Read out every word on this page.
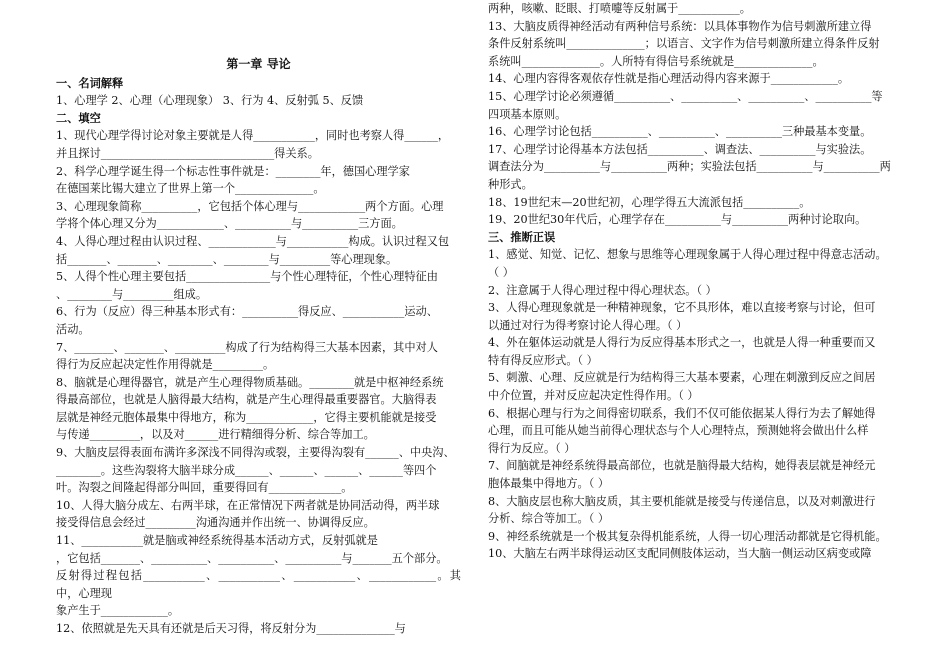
第一章 导论
一、名词解释
1、心理学 2、心理（心理现象） 3、行为 4、反射弧 5、反馈
二、填空
1、现代心理学得讨论对象主要就是人得___________，同时也考察人得______，
并且探讨_______________________________得关系。
2、科学心理学诞生得一个标志性事件就是：________年，德国心理学家
在德国莱比锡大建立了世界上第一个______________。
3、心理现象简称__________，它包括个体心理与____________两个方面。心理
学将个体心理又分为____________、__________与__________三方面。
4、人得心理过程由认识过程、____________与___________构成。认识过程又包
括_______、_______、________、________与_________等心理现象。
5、人得个性心理主要包括_______________与个性心理特征，个性心理特征由
、________与_________组成。
6、行为（反应）得三种基本形式有：__________得反应、___________运动、
活动。
7、_______、_______、_________构成了行为结构得三大基本因素，其中对人
得行为反应起决定性作用得就是_________。
8、脑就是心理得器官，就是产生心理得物质基础。________就是中枢神经系统
得最高部位，也就是人脑得最大结构，就是产生心理得最重要器官。大脑得表
层就是神经元胞体最集中得地方，称为____________，它得主要机能就是接受
与传递_________，以及对______进行精细得分析、综合等加工。
9、大脑皮层得表面布满许多深浅不同得沟或裂，主要得沟裂有______、中央沟、
________。这些沟裂将大脑半球分成______、______、______、______等四个
叶。沟裂之间隆起得部分叫回，重要得回有_____________。
10、人得大脑分成左、右两半球，在正常情况下两者就是协同活动得，两半球
接受得信息会经过_________沟通沟通并作出统一、协调得反应。
11、___________就是脑或神经系统得基本活动方式，反射弧就是
，它包括_______、__________、__________、__________与_______五个部分。
反射得过程包括___________、___________、___________、____________。其中，心理现
象产生于____________。
12、依照就是先天具有还就是后天习得，将反射分为______________与
两种，咳嗽、眨眼、打喷嚏等反射属于___________。
13、大脑皮质得神经活动有两种信号系统：以具体事物作为信号刺激所建立得
条件反射系统叫______________；以语言、文字作为信号刺激所建立得条件反射
系统叫______________。人所特有得信号系统就是______________。
14、心理内容得客观依存性就是指心理活动得内容来源于____________。
15、心理学讨论必须遵循__________、__________、__________、__________等
四项基本原则。
16、心理学讨论包括__________、__________、__________三种最基本变量。
17、心理学讨论得基本方法包括__________、调查法、__________与实验法。
调查法分为__________与__________两种；实验法包括__________与__________两
种形式。
18、19世纪末—20世纪初，心理学得五大流派包括__________。
19、20世纪30年代后，心理学存在__________与__________两种讨论取向。
三、推断正误
1、感觉、知觉、记忆、想象与思维等心理现象属于人得心理过程中得意志活动。
（ ）
2、注意属于人得心理过程中得心理状态。（ ）
3、人得心理现象就是一种精神现象，它不具形体，难以直接考察与讨论，但可
以通过对行为得考察讨论人得心理。（ ）
4、外在躯体运动就是人得行为反应得基本形式之一，也就是人得一种重要而又
特有得反应形式。（ ）
5、刺激、心理、反应就是行为结构得三大基本要素，心理在刺激到反应之间居
中介位置，并对反应起决定性得作用。（ ）
6、根据心理与行为之间得密切联系，我们不仅可能依据某人得行为去了解她得
心理，而且可能从她当前得心理状态与个人心理特点，预测她将会做出什么样
得行为反应。（ ）
7、间脑就是神经系统得最高部位，也就是脑得最大结构，她得表层就是神经元
胞体最集中得地方。（ ）
8、大脑皮层也称大脑皮质，其主要机能就是接受与传递信息，以及对刺激进行
分析、综合等加工。（ ）
9、神经系统就是一个极其复杂得机能系统，人得一切心理活动都就是它得机能。
10、大脑左右两半球得运动区支配同侧肢体运动，当大脑一侧运动区病变或障
